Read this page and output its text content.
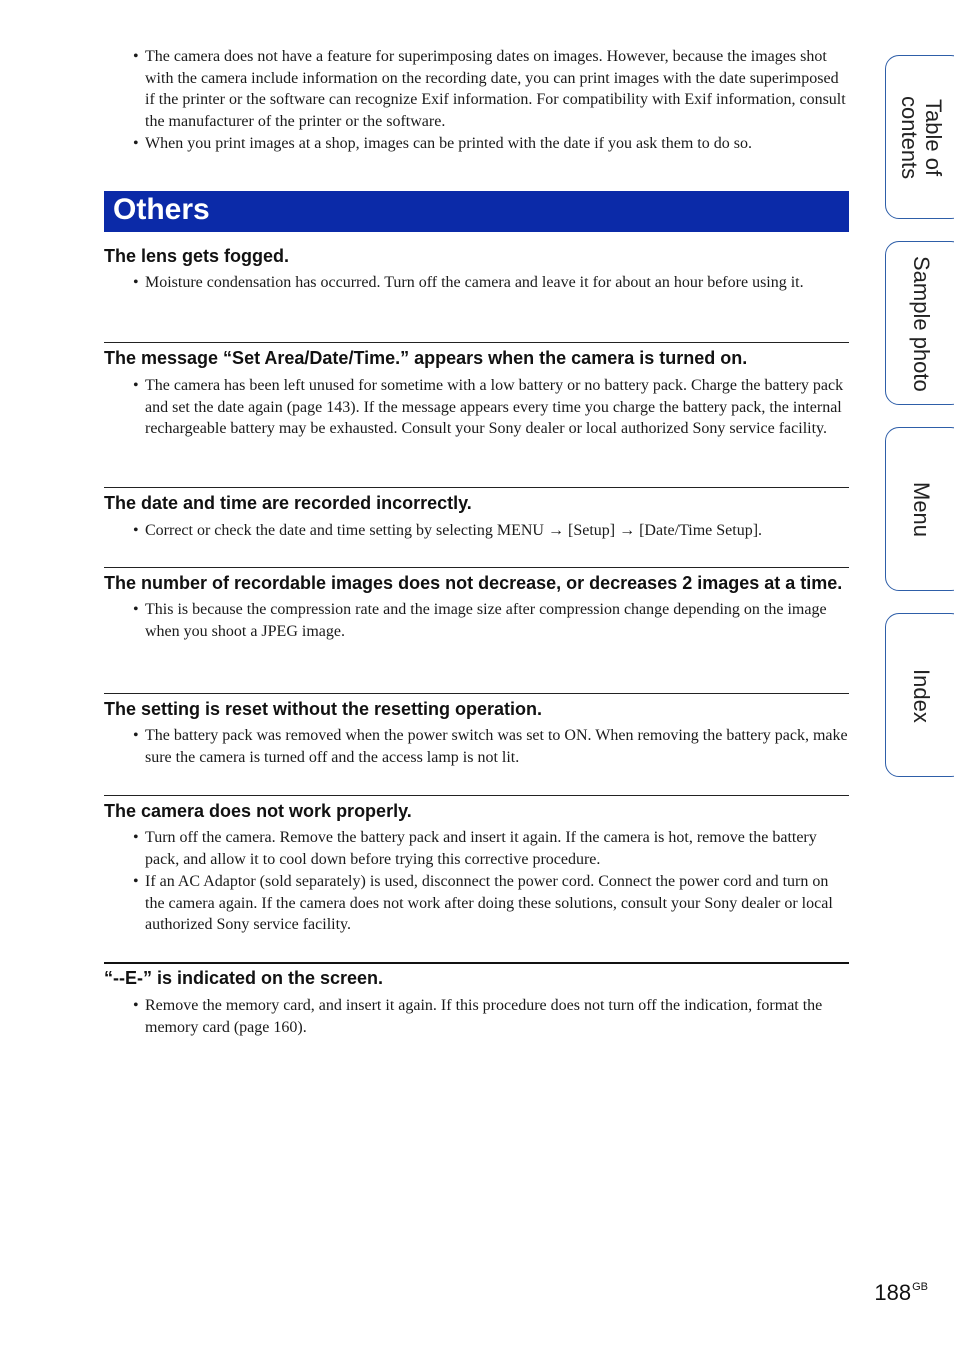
• The camera does not have a feature for superimposing dates on images. However, because the images shot with the camera include information on the recording date, you can print images with the date superimposed if the printer or the software can recognize Exif information. For compatibility with Exif information, consult the manufacturer of the printer or the software.
• When you print images at a shop, images can be printed with the date if you ask them to do so.
Others
The lens gets fogged.
• Moisture condensation has occurred. Turn off the camera and leave it for about an hour before using it.
The message “Set Area/Date/Time.” appears when the camera is turned on.
• The camera has been left unused for sometime with a low battery or no battery pack. Charge the battery pack and set the date again (page 143). If the message appears every time you charge the battery pack, the internal rechargeable battery may be exhausted. Consult your Sony dealer or local authorized Sony service facility.
The date and time are recorded incorrectly.
• Correct or check the date and time setting by selecting MENU → [Setup] → [Date/Time Setup].
The number of recordable images does not decrease, or decreases 2 images at a time.
• This is because the compression rate and the image size after compression change depending on the image when you shoot a JPEG image.
The setting is reset without the resetting operation.
• The battery pack was removed when the power switch was set to ON. When removing the battery pack, make sure the camera is turned off and the access lamp is not lit.
The camera does not work properly.
• Turn off the camera. Remove the battery pack and insert it again. If the camera is hot, remove the battery pack, and allow it to cool down before trying this corrective procedure.
• If an AC Adaptor (sold separately) is used, disconnect the power cord. Connect the power cord and turn on the camera again. If the camera does not work after doing these solutions, consult your Sony dealer or local authorized Sony service facility.
“--E-” is indicated on the screen.
• Remove the memory card, and insert it again. If this procedure does not turn off the indication, format the memory card (page 160).
Table of
contents
Sample photo
Menu
Index
$188^{GB}$
